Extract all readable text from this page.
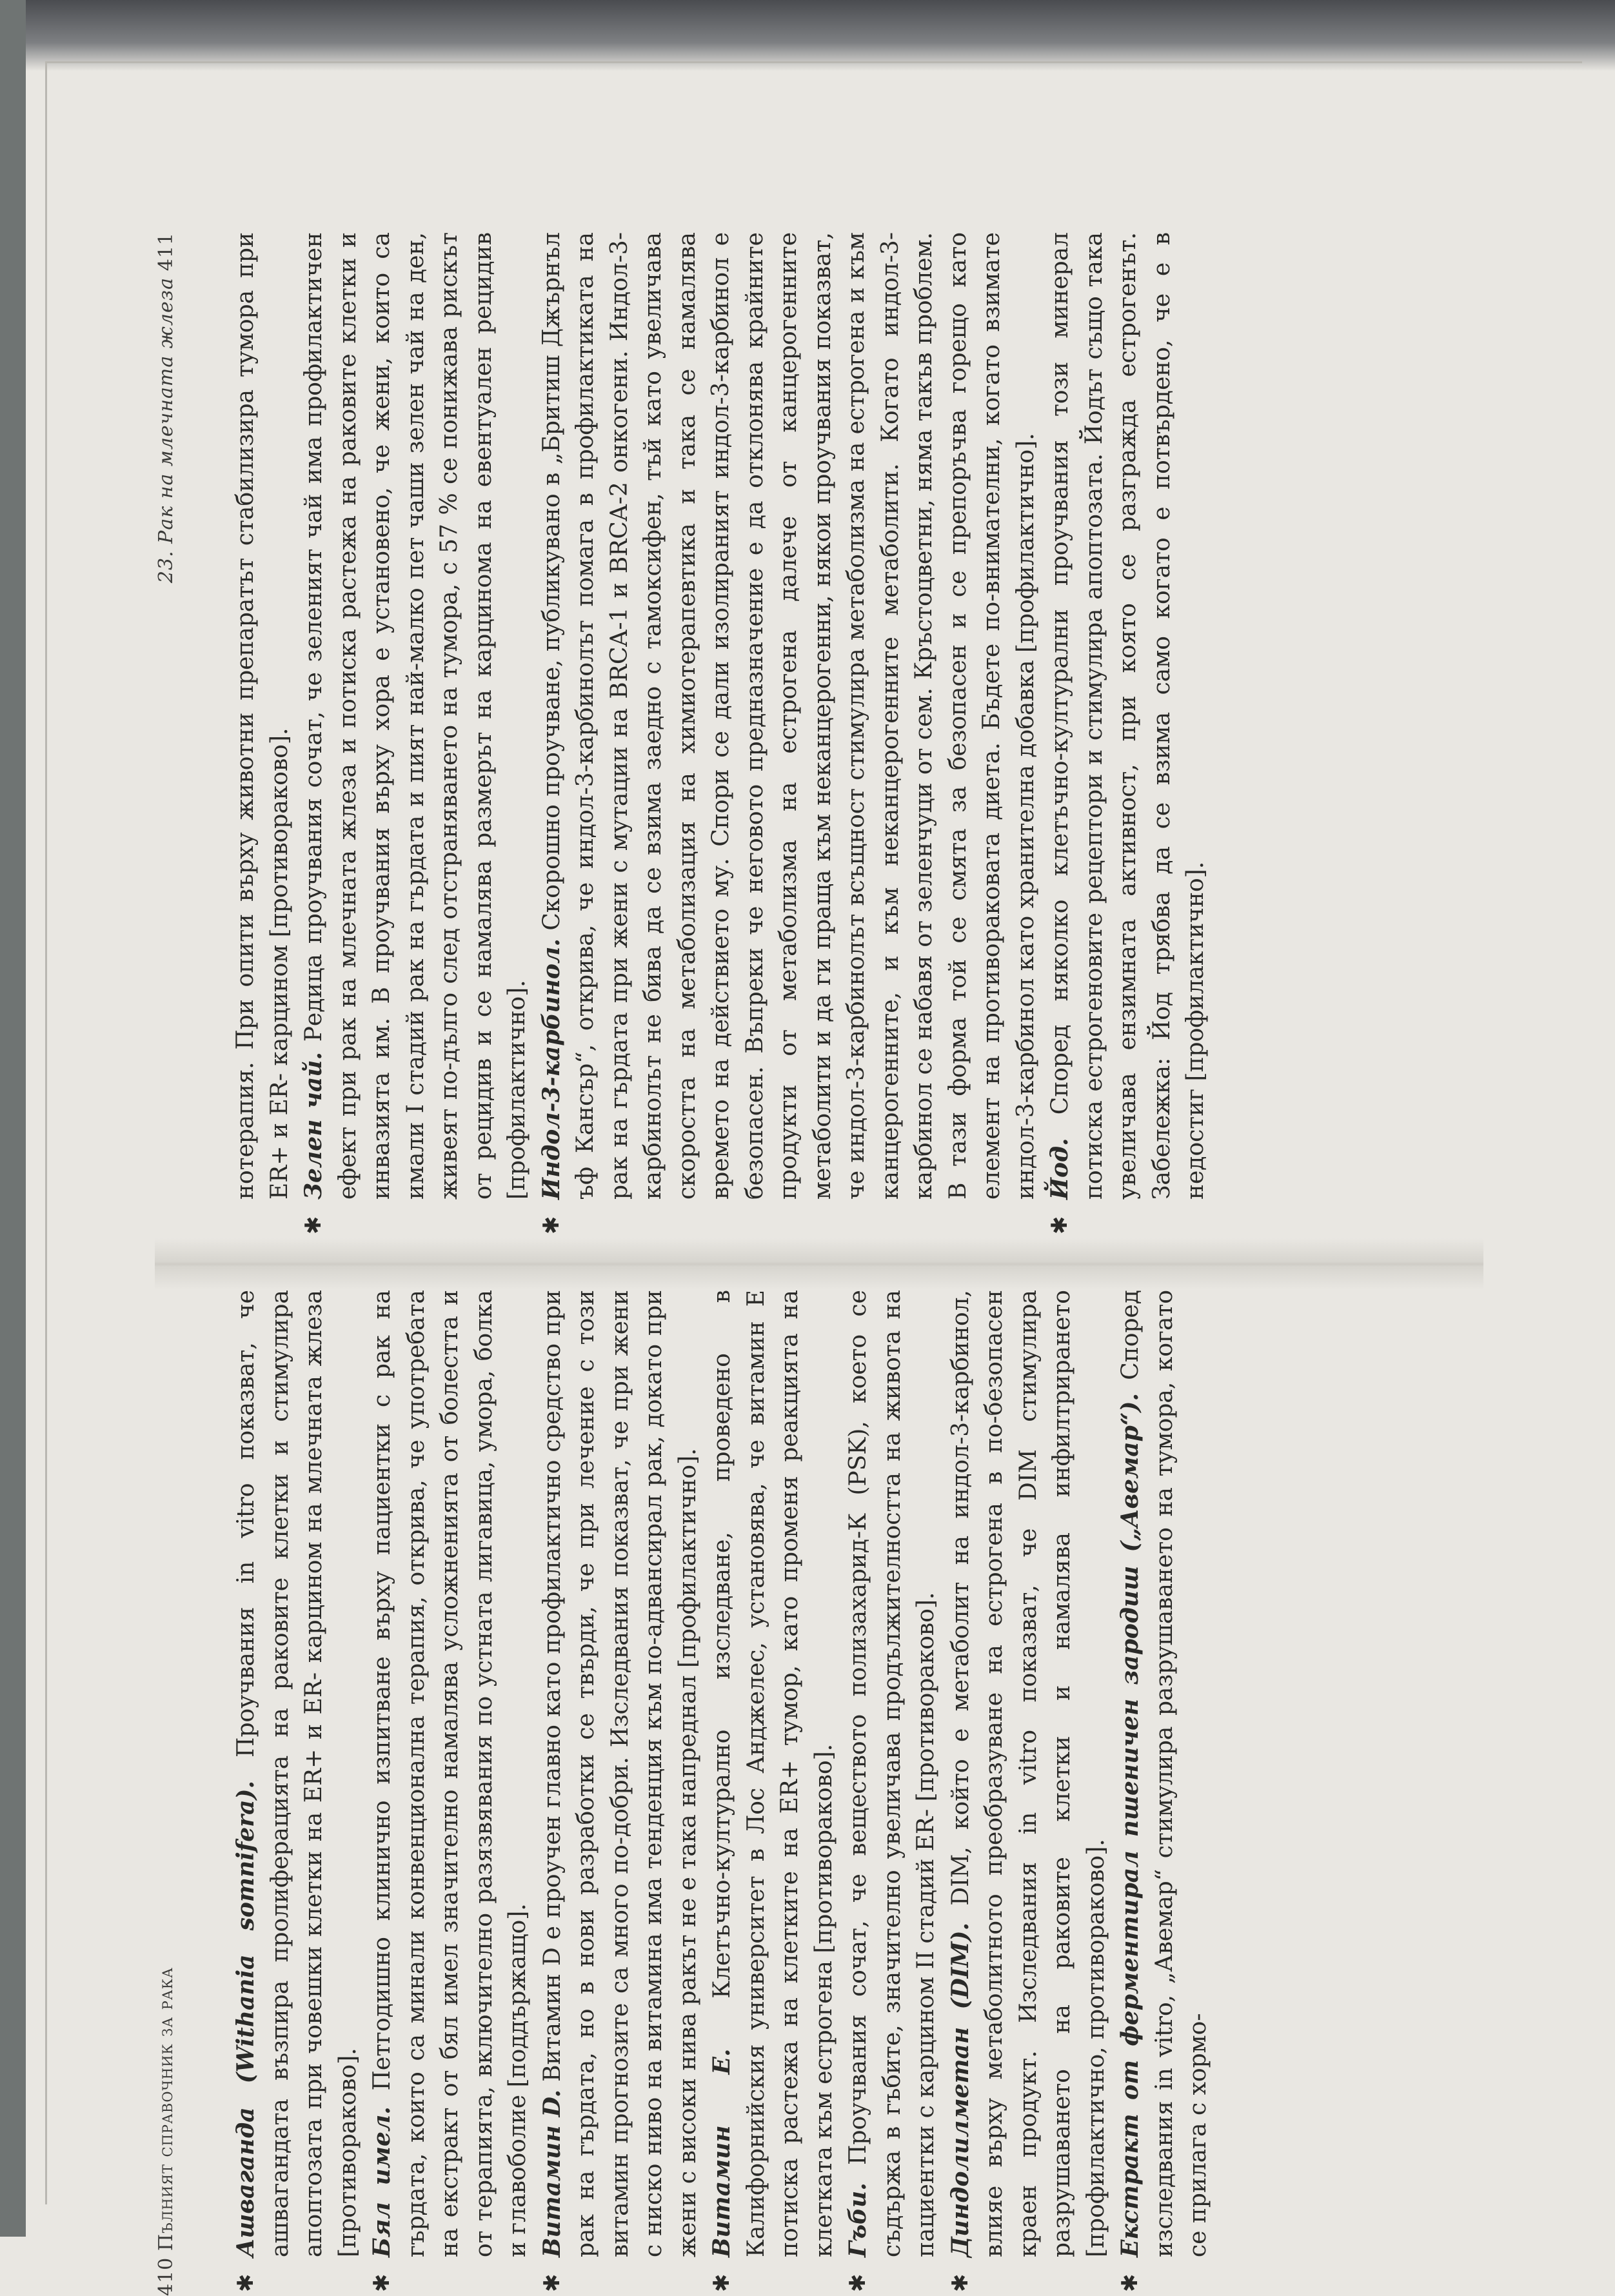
410
Пълният справочник за рака

✱
Ашваганда (Withania somnifera). Проучвания in vitro показват, че ашвагандата възпира пролиферацията на раковите клетки и стимулира апоптозата при човешки клетки на ER+ и ER- карцином на млечната жлеза [противораково].

✱
Бял имел. Петгодишно клинично изпитване върху пациентки с рак на гърдата, които са минали конвенционална терапия, открива, че употребата на екстракт от бял имел значително намалява усложненията от болестта и от терапията, включително разязвявания по устната лигавица, умора, болка и главоболие [поддържащо].

✱
Витамин D. Витамин D е проучен главно като профилактично средство при рак на гърдата, но в нови разработки се твърди, че при лечение с този витамин прогнозите са много по-добри. Изследвания показват, че при жени с ниско ниво на витамина има тенденция към по-адвансирал рак, докато при жени с високи нива ракът не е така напреднал [профилактично].

✱
Витамин Е. Клетъчно-културално изследване, проведено в Калифорнийския университет в Лос Анджелес, установява, че витамин Е потиска растежа на клетките на ER+ тумор, като променя реакцията на клетката към естрогена [противораково].

✱
Гъби. Проучвания сочат, че веществото полизахарид-К (PSK), което се съдържа в гъбите, значително увеличава продължителността на живота на пациентки с карцином II стадий ER- [противораково].

✱
Диндолилметан (DIM). DIM, който е метаболит на индол-3-карбинол, влияе върху метаболитното преобразуване на естрогена в по-безопасен краен продукт. Изследвания in vitro показват, че DIM стимулира разрушаването на раковите клетки и намалява инфилтрирането [профилактично, противораково].

✱
Екстракт от ферментирал пшеничен зародиш („Авемар“). Според изследвания in vitro, „Авемар“ стимулира разрушаването на тумора, когато се прилага с хормо-

23. Рак на млечната жлеза
411 нотерапия. При опити върху животни препаратът стабилизира тумора при ER+ и ER- карцином [противораково].

✱
Зелен чай. Редица проучвания сочат, че зеленият чай има профилактичен ефект при рак на млечната жлеза и потиска растежа на раковите клетки и инвазията им. В проучвания върху хора е установено, че жени, които са имали I стадий рак на гърдата и пият най-малко пет чаши зелен чай на ден, живеят по-дълго след отстраняването на тумора, с 57 % се понижава рискът от рецидив и се намалява размерът на карцинома на евентуален рецидив [профилактично].

✱
Индол-3-карбинол. Скорошно проучване, публикувано в „Бритиш Джърнъл ъф Кансър“, открива, че индол-3-карбинолът помага в профилактиката на рак на гърдата при жени с мутации на BRCA-1 и BRCA-2 онкогени. Индол-3-карбинолът не бива да се взима заедно с тамоксифен, тъй като увеличава скоростта на метаболизация на химиотерапевтика и така се намалява времето на действието му. Спори се дали изолираният индол-3-карбинол е безопасен. Въпреки че неговото предназначение е да отклонява крайните продукти от метаболизма на естрогена далече от канцерогенните метаболити и да ги праща към неканцерогенни, някои проучвания показват, че индол-3-карбинолът всъщност стимулира метаболизма на естрогена и към канцерогенните, и към неканцерогенните метаболити. Когато индол-3-карбинол се набавя от зеленчуци от сем. Кръстоцветни, няма такъв проблем. В тази форма той се смята за безопасен и се препоръчва горещо като елемент на противораковата диета. Бъдете по-внимателни, когато взимате индол-3-карбинол като хранителна добавка [профилактично].

✱
Йод. Според няколко клетъчно-културални проучвания този минерал потиска естрогеновите рецептори и стимулира апоптозата. Йодът също така увеличава ензимната активност, при която се разгражда естрогенът. Забележка: Йод трябва да се взима само когато е потвърдено, че е в недостиг [профилактично].
